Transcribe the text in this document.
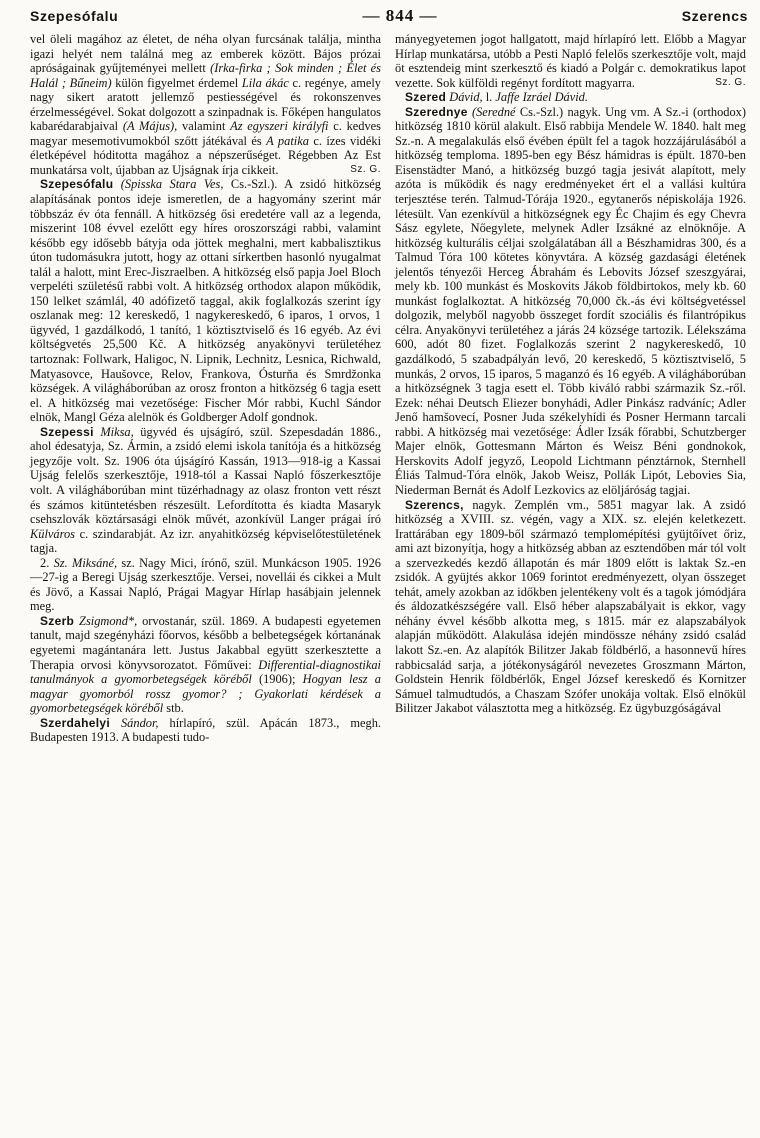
Szepesófalu	— 844 —	Szerencs

vel öleli magához az életet, de néha olyan furcsának találja, mintha igazi helyét nem találná meg az emberek között. Bájos prózai apróságainak gyűjteményei mellett (Irka-firka ; Sok minden ; Élet és Halál ; Bűneim) külön figyelmet érdemel Lila ákác c. regénye, amely nagy sikert aratott jellemző pestiességével és rokonszenves érzelmességével. Sokat dolgozott a szinpadnak is. Főképen hangulatos kabarédarabjaival (A Május), valamint Az egyszeri királyfi c. kedves magyar mesemotivumokból szőtt játékával és A patika c. ízes vidéki életképével hóditotta magához a népszerűséget. Régebben Az Est munkatársa volt, újabban az Ujságnak írja cikkeit.	Sz. G.

Szepesófalu (Spisska Stara Ves, Cs.-Szl.). A zsidó hitközség alapításának pontos ideje ismeretlen, de a hagyomány szerint már többszáz év óta fennáll. A hitközség ősi eredetére vall az a legenda, miszerint 108 évvel ezelőtt egy híres oroszországi rabbi, valamint később egy idősebb bátyja oda jöttek meghalni, mert kabbalisztikus úton tudomásukra jutott, hogy az ottani sírkertben hasonló nyugalmat talál a halott, mint Erec-Jiszraelben. A hitközség első papja Joel Bloch verpeléti születésű rabbi volt. A hitközség orthodox alapon működik, 150 lelket számlál, 40 adófizető taggal, akik foglalkozás szerint így oszlanak meg: 12 kereskedő, 1 nagykereskedő, 6 iparos, 1 orvos, 1 ügyvéd, 1 gazdálkodó, 1 tanító, 1 köztisztviselő és 16 egyéb. Az évi költségvetés 25,500 Kč. A hitközség anyakönyvi területéhez tartoznak: Follwark, Haligoc, N. Lipnik, Lechnitz, Lesnica, Richwald, Matyasovce, Haušovce, Relov, Frankova, Ósturňa és Smrdžonka községek. A világháborúban az orosz fronton a hitközség 6 tagja esett el. A hitközség mai vezetősége: Fischer Mór rabbi, Kuchl Sándor elnök, Mangl Géza alelnök és Goldberger Adolf gondnok.

Szepessi Miksa, ügyvéd és ujságíró, szül. Szepesdadán 1886., ahol édesatyja, Sz. Ármin, a zsidó elemi iskola tanítója és a hitközség jegyzője volt. Sz. 1906 óta újságíró Kassán, 1913—918-ig a Kassai Ujság felelős szerkesztője, 1918-tól a Kassai Napló főszerkesztője volt. A világháborúban mint tüzérhadnagy az olasz fronton vett részt és számos kitüntetésben részesült. Lefordította és kiadta Masaryk csehszlovák köztársasági elnök művét, azonkívül Langer prágai író Külváros c. szindarabját. Az izr. anyahitközség képviselőtestületének tagja.

2. Sz. Miksáné, sz. Nagy Mici, írónő, szül. Munkácson 1905. 1926—27-ig a Beregi Ujság szerkesztője. Versei, novellái és cikkei a Mult és Jövő, a Kassai Napló, Prágai Magyar Hírlap hasábjain jelennek meg.

Szerb Zsigmond*, orvostanár, szül. 1869. A budapesti egyetemen tanult, majd szegényházi főorvos, később a belbetegségek kórtanának egyetemi magántanára lett. Justus Jakabbal együtt szerkesztette a Therapia orvosi könyvsorozatot. Főművei: Differential-diagnostikai tanulmányok a gyomorbetegségek köréből (1906); Hogyan lesz a magyar gyomorból rossz gyomor? ; Gyakorlati kérdések a gyomorbetegségek köréből stb.

Szerdahelyi Sándor, hírlapíró, szül. Apácán 1873., megh. Budapesten 1913. A budapesti tudo-

mányegyetemen jogot hallgatott, majd hírlapíró lett. Előbb a Magyar Hírlap munkatársa, utóbb a Pesti Napló felelős szerkesztője volt, majd öt esztendeig mint szerkesztő és kiadó a Polgár c. demokratikus lapot vezette. Sok külföldi regényt fordított magyarra.	Sz. G.

Szered Dávid, l. Jaffe Izráel Dávid.

Szerednye (Seredné Cs.-Szl.) nagyk. Ung vm. A Sz.-i (orthodox) hitközség 1810 körül alakult. Első rabbija Mendele W. 1840. halt meg Sz.-n. A megalakulás első évében épült fel a tagok hozzájárulásából a hitközség temploma. 1895-ben egy Bész hámidras is épült. 1870-ben Eisenstädter Manó, a hitközség buzgó tagja jesivát alapított, mely azóta is működik és nagy eredményeket ért el a vallási kultúra terjesztése terén. Talmud-Tórája 1920., egytanerős népiskolája 1926. létesült. Van ezenkívül a hitközségnek egy Éc Chajim és egy Chevra Sász egylete, Nőegylete, melynek Adler Izsákné az elnöknője. A hitközség kulturális céljai szolgálatában áll a Bészhamidras 300, és a Talmud Tóra 100 kötetes könyvtára. A község gazdasági életének jelentős tényezői Herceg Ábrahám és Lebovits József szeszgyárai, mely kb. 100 munkást és Moskovits Jákob földbirtokos, mely kb. 60 munkást foglalkoztat. A hitközség 70,000 čk.-ás évi költségvetéssel dolgozik, melyből nagyobb összeget fordít szociális és filantrópikus célra. Anyakönyvi területéhez a járás 24 községe tartozik. Lélekszáma 600, adót 80 fizet. Foglalkozás szerint 2 nagykereskedő, 10 gazdálkodó, 5 szabadpályán levő, 20 kereskedő, 5 köztisztviselő, 5 munkás, 2 orvos, 15 iparos, 5 maganzó és 16 egyéb. A világháborúban a hitközségnek 3 tagja esett el. Több kiváló rabbi származik Sz.-ről. Ezek: néhai Deutsch Eliezer bonyhádi, Adler Pinkász radváníc; Adler Jenő hamšovecí, Posner Juda székelyhídi és Posner Hermann tarcali rabbi. A hitközség mai vezetősége: Ádler Izsák főrabbi, Schutzberger Majer elnök, Gottesmann Márton és Weisz Béni gondnokok, Herskovits Adolf jegyző, Leopold Lichtmann pénztárnok, Sternhell Éliás Talmud-Tóra elnök, Jakob Weisz, Pollák Lipót, Lebovies Sia, Niederman Bernát és Adolf Lezkovics az elöljáróság tagjai.

Szerencs, nagyk. Zemplén vm., 5851 magyar lak. A zsidó hitközség a XVIII. sz. végén, vagy a XIX. sz. elején keletkezett. Irattárában egy 1809-ből származó templomépítési gyüjtőívet őriz, ami azt bizonyítja, hogy a hitközség abban az esztendőben már tól volt a szervezkedés kezdő állapotán és már 1809 előtt is laktak Sz.-en zsidók. A gyüjtés akkor 1069 forintot eredményezett, olyan összeget tehát, amely azokban az időkben jelentékeny volt és a tagok jómódjára és áldozatkészségére vall. Első héber alapszabályait is ekkor, vagy néhány évvel később alkotta meg, s 1815. már ez alapszabályok alapján működött. Alakulása idején mindössze néhány zsidó család lakott Sz.-en. Az alapítók Bilitzer Jakab földbérlő, a hasonnevű híres rabbicsalád sarja, a jótékonyságáról nevezetes Groszmann Márton, Goldstein Henrik földbérlők, Engel József kereskedő és Kornitzer Sámuel talmudtudós, a Chaszam Szófer unokája voltak. Első elnökül Bilitzer Jakabot választotta meg a hitközség. Ez ügybuzgóságával
